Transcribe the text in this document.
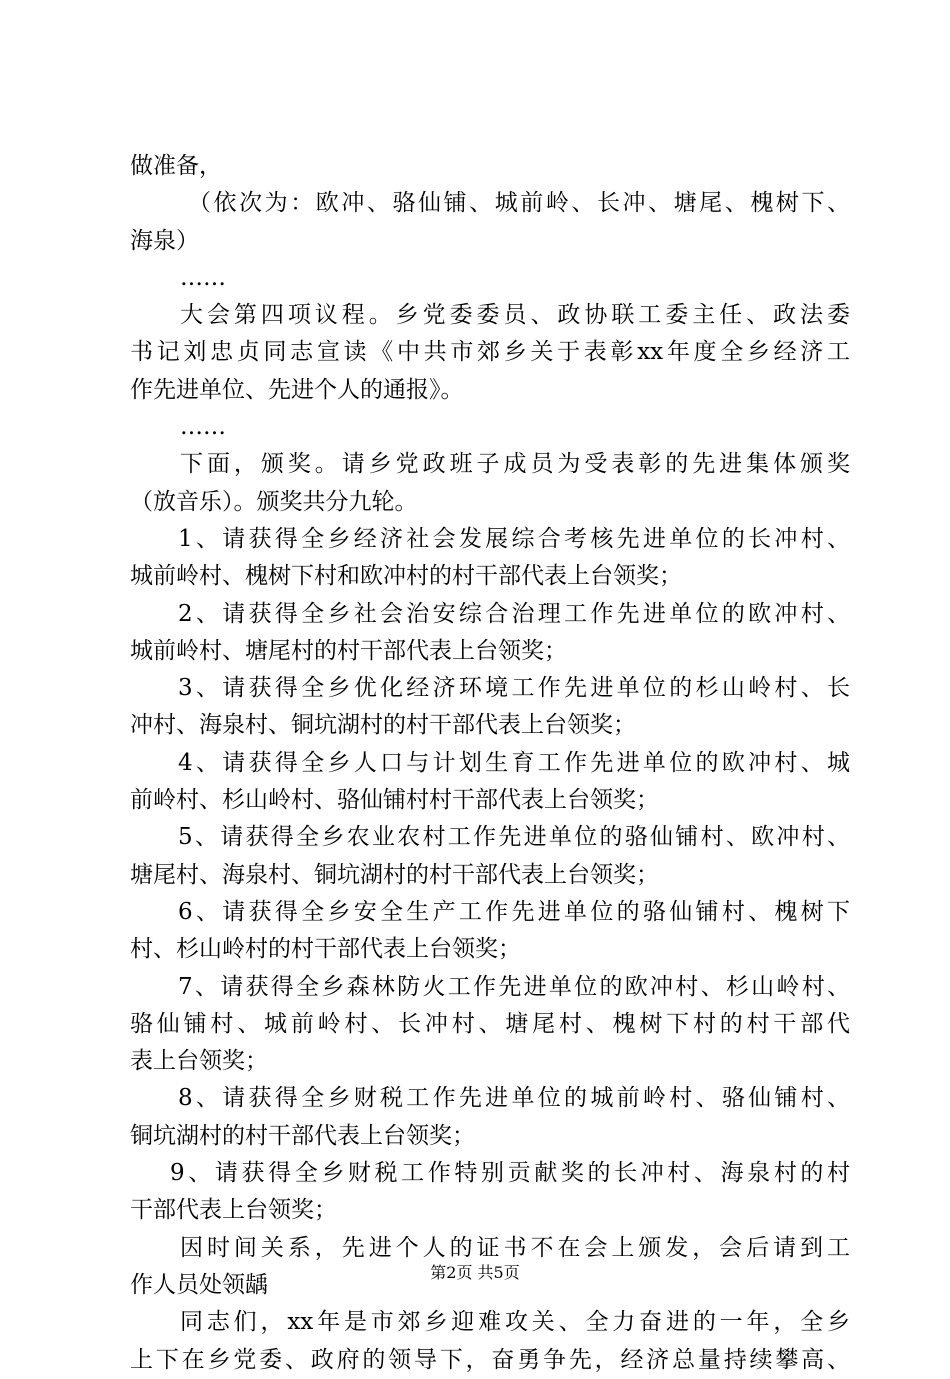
做准备，
（依次为：欧冲、骆仙铺、城前岭、长冲、塘尾、槐树下、
海泉）
……
大会第四项议程。乡党委委员、政协联工委主任、政法委
书记刘忠贞同志宣读《中共市郊乡关于表彰xx年度全乡经济工
作先进单位、先进个人的通报》。
……
下面，颁奖。请乡党政班子成员为受表彰的先进集体颁奖
（放音乐）。颁奖共分九轮。
1、请获得全乡经济社会发展综合考核先进单位的长冲村、
城前岭村、槐树下村和欧冲村的村干部代表上台领奖；
2、请获得全乡社会治安综合治理工作先进单位的欧冲村、
城前岭村、塘尾村的村干部代表上台领奖；
3、请获得全乡优化经济环境工作先进单位的杉山岭村、长
冲村、海泉村、铜坑湖村的村干部代表上台领奖；
4、请获得全乡人口与计划生育工作先进单位的欧冲村、城
前岭村、杉山岭村、骆仙铺村村干部代表上台领奖；
5、请获得全乡农业农村工作先进单位的骆仙铺村、欧冲村、
塘尾村、海泉村、铜坑湖村的村干部代表上台领奖；
6、请获得全乡安全生产工作先进单位的骆仙铺村、槐树下
村、杉山岭村的村干部代表上台领奖；
7、请获得全乡森林防火工作先进单位的欧冲村、杉山岭村、
骆仙铺村、城前岭村、长冲村、塘尾村、槐树下村的村干部代
表上台领奖；
8、请获得全乡财税工作先进单位的城前岭村、骆仙铺村、
铜坑湖村的村干部代表上台领奖；
9、请获得全乡财税工作特别贡献奖的长冲村、海泉村的村
干部代表上台领奖；
因时间关系，先进个人的证书不在会上颁发，会后请到工
作人员处领龋
同志们，xx年是市郊乡迎难攻关、全力奋进的一年，全乡
上下在乡党委、政府的领导下，奋勇争先，经济总量持续攀高、
第2页 共5页
